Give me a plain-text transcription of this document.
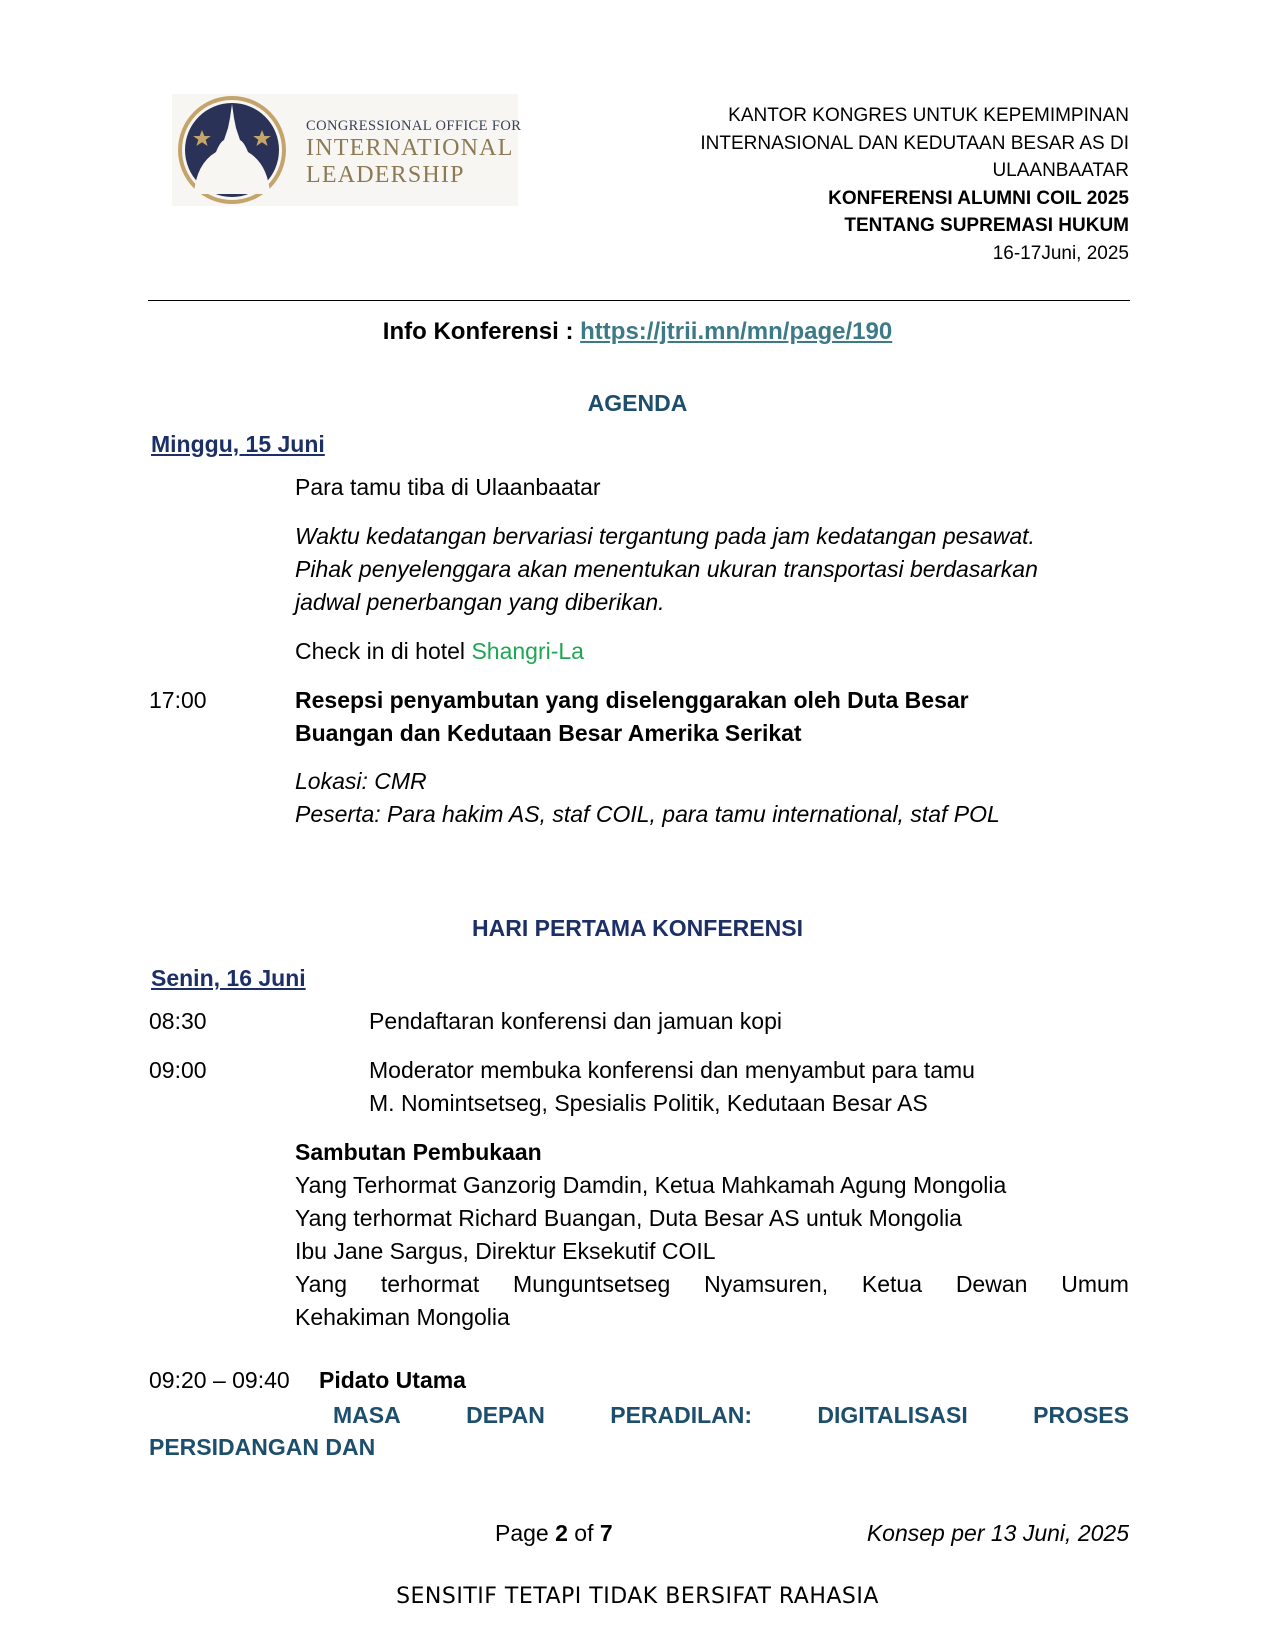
CONGRESSIONAL OFFICE FOR
INTERNATIONAL
LEADERSHIP
KANTOR KONGRES UNTUK KEPEMIMPINAN
INTERNASIONAL DAN KEDUTAAN BESAR AS DI
ULAANBAATAR
KONFERENSI ALUMNI COIL 2025
TENTANG SUPREMASI HUKUM
16-17Juni, 2025
Info Konferensi : https://jtrii.mn/mn/page/190
AGENDA
Minggu, 15 Juni
Para tamu tiba di Ulaanbaatar
Waktu kedatangan bervariasi tergantung pada jam kedatangan pesawat.
Pihak penyelenggara akan menentukan ukuran transportasi berdasarkan
jadwal penerbangan yang diberikan.
Check in di hotel Shangri-La
17:00	Resepsi penyambutan yang diselenggarakan oleh Duta Besar
Buangan dan Kedutaan Besar Amerika Serikat
Lokasi: CMR
Peserta: Para hakim AS, staf COIL, para tamu international, staf POL
HARI PERTAMA KONFERENSI
Senin, 16 Juni
08:30	Pendaftaran konferensi dan jamuan kopi
09:00	Moderator membuka konferensi dan menyambut para tamu
M. Nomintsetseg, Spesialis Politik, Kedutaan Besar AS
Sambutan Pembukaan
Yang Terhormat Ganzorig Damdin, Ketua Mahkamah Agung Mongolia
Yang terhormat Richard Buangan, Duta Besar AS untuk Mongolia
Ibu Jane Sargus, Direktur Eksekutif COIL
Yang terhormat Munguntsetseg Nyamsuren, Ketua Dewan Umum
Kehakiman Mongolia
09:20 – 09:40 Pidato Utama
MASA	DEPAN	PERADILAN:	DIGITALISASI	PROSES
PERSIDANGAN DAN
Page 2 of 7	Konsep per 13 Juni, 2025
SENSITIF TETAPI TIDAK BERSIFAT RAHASIA
